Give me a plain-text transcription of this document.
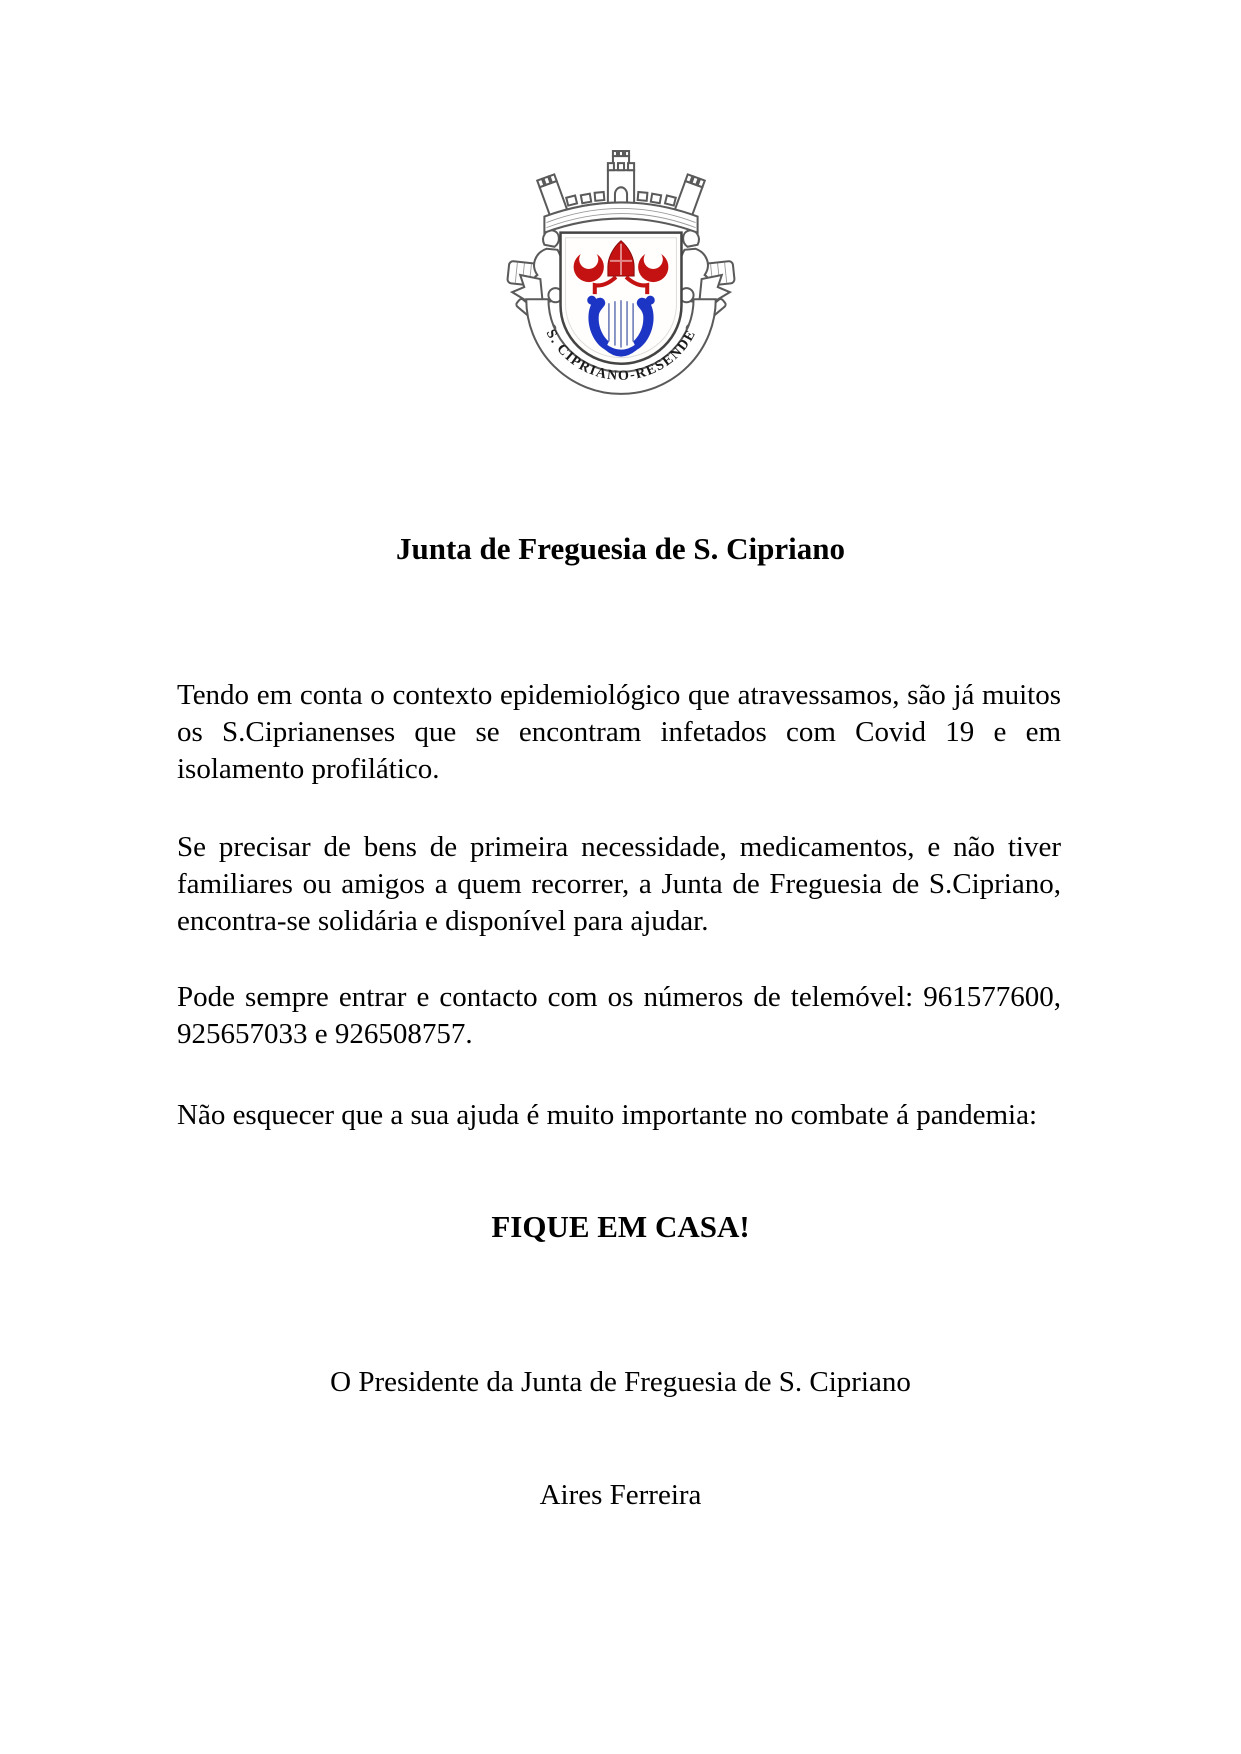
S. CIPRIANO-RESENDE
Junta de Freguesia de S. Cipriano

Tendo em conta o contexto epidemiológico que atravessamos, são já muitos os S.Ciprianenses que se encontram infetados com Covid 19 e em isolamento profilático.

Se precisar de bens de primeira necessidade, medicamentos, e não tiver familiares ou amigos a quem recorrer, a Junta de Freguesia de S.Cipriano, encontra-se solidária e disponível para ajudar.

Pode sempre entrar e contacto com os números de telemóvel: 961577600, 925657033 e 926508757.

Não esquecer que a sua ajuda é muito importante no combate á pandemia:

FIQUE EM CASA!

O Presidente da Junta de Freguesia de S. Cipriano

Aires Ferreira
